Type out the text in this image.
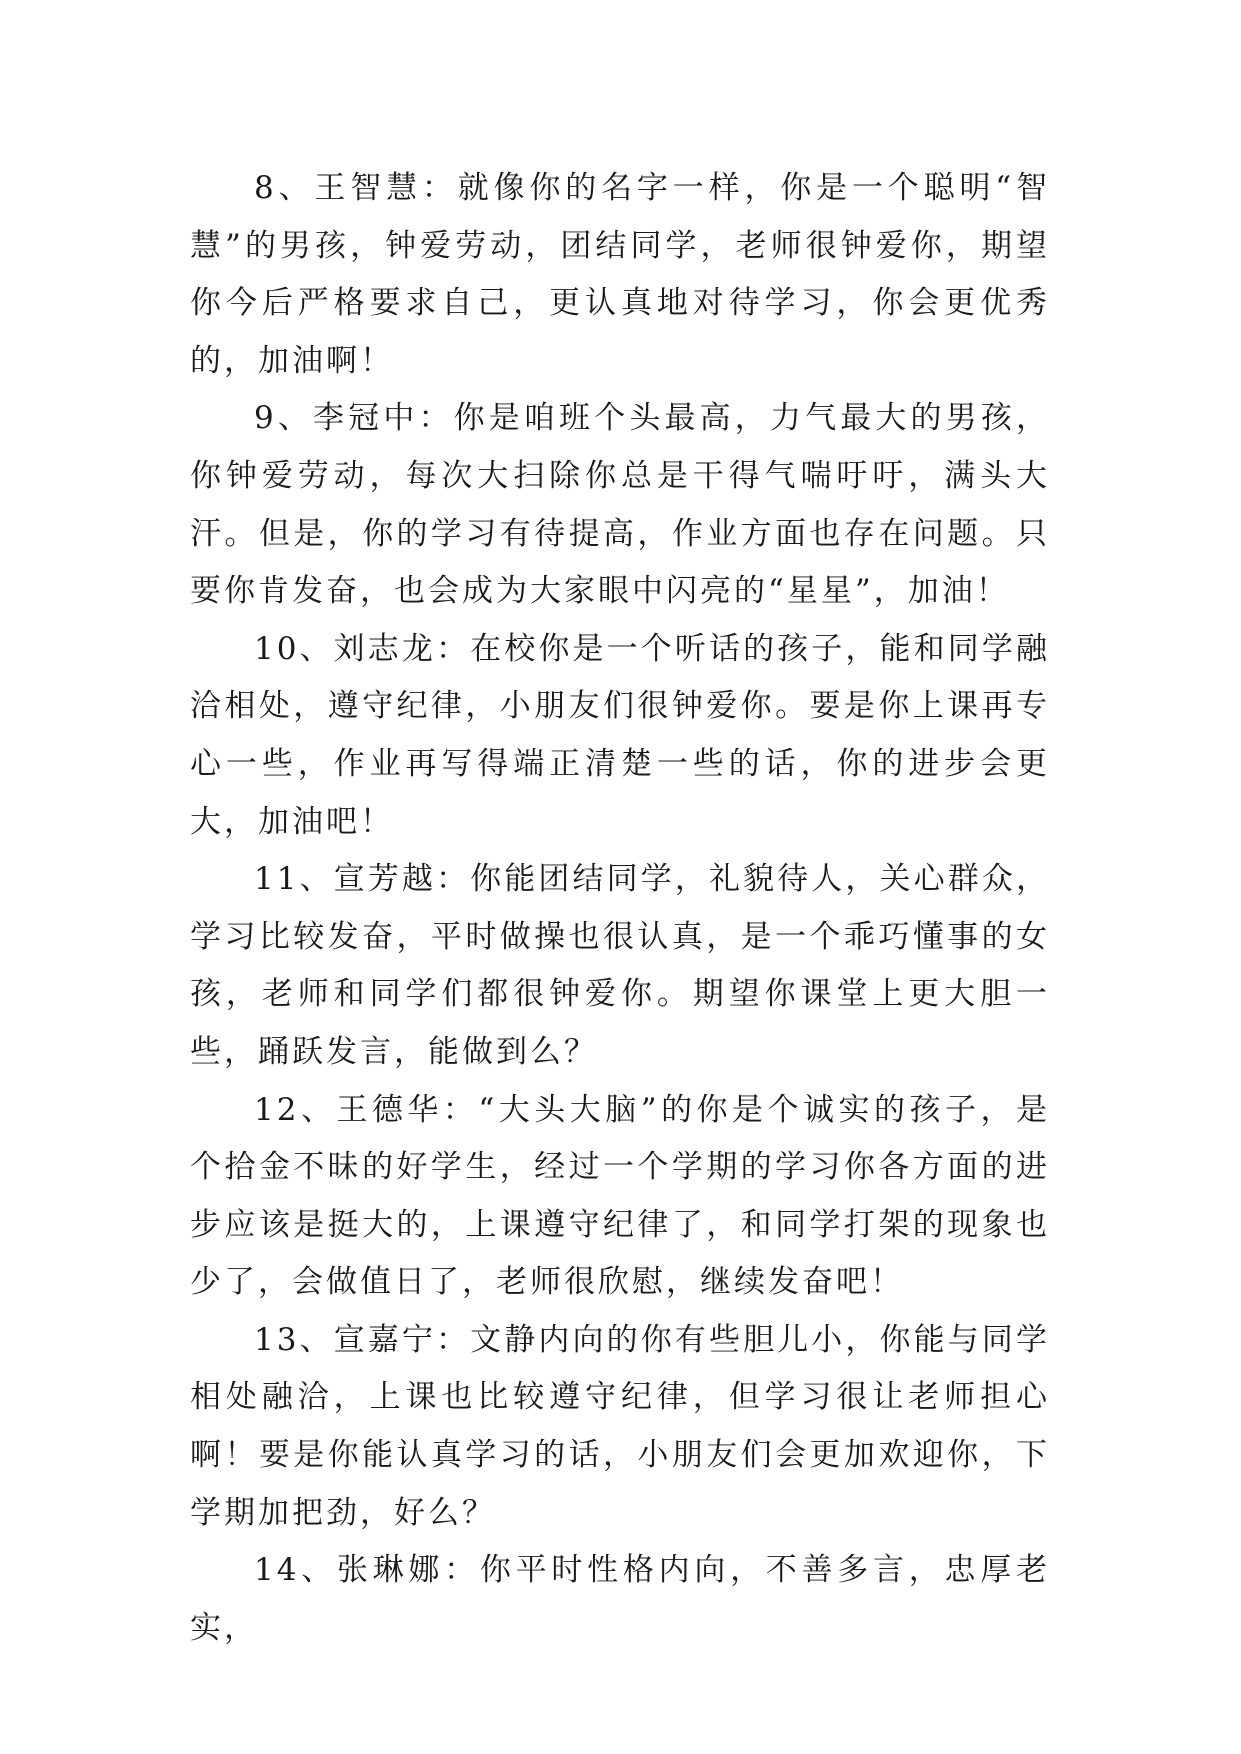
8、王智慧：就像你的名字一样，你是一个聪明“智慧”的男孩，钟爱劳动，团结同学，老师很钟爱你，期望你今后严格要求自己，更认真地对待学习，你会更优秀的，加油啊！

9、李冠中：你是咱班个头最高，力气最大的男孩，你钟爱劳动，每次大扫除你总是干得气喘吁吁，满头大汗。但是，你的学习有待提高，作业方面也存在问题。只要你肯发奋，也会成为大家眼中闪亮的“星星”，加油！

10、刘志龙：在校你是一个听话的孩子，能和同学融洽相处，遵守纪律，小朋友们很钟爱你。要是你上课再专心一些，作业再写得端正清楚一些的话，你的进步会更大，加油吧！

11、宣芳越：你能团结同学，礼貌待人，关心群众，学习比较发奋，平时做操也很认真，是一个乖巧懂事的女孩，老师和同学们都很钟爱你。期望你课堂上更大胆一些，踊跃发言，能做到么？

12、王德华：“大头大脑”的你是个诚实的孩子，是个拾金不昧的好学生，经过一个学期的学习你各方面的进步应该是挺大的，上课遵守纪律了，和同学打架的现象也少了，会做值日了，老师很欣慰，继续发奋吧！

13、宣嘉宁：文静内向的你有些胆儿小，你能与同学相处融洽，上课也比较遵守纪律，但学习很让老师担心啊！要是你能认真学习的话，小朋友们会更加欢迎你，下学期加把劲，好么？

14、张琳娜：你平时性格内向，不善多言，忠厚老实，
